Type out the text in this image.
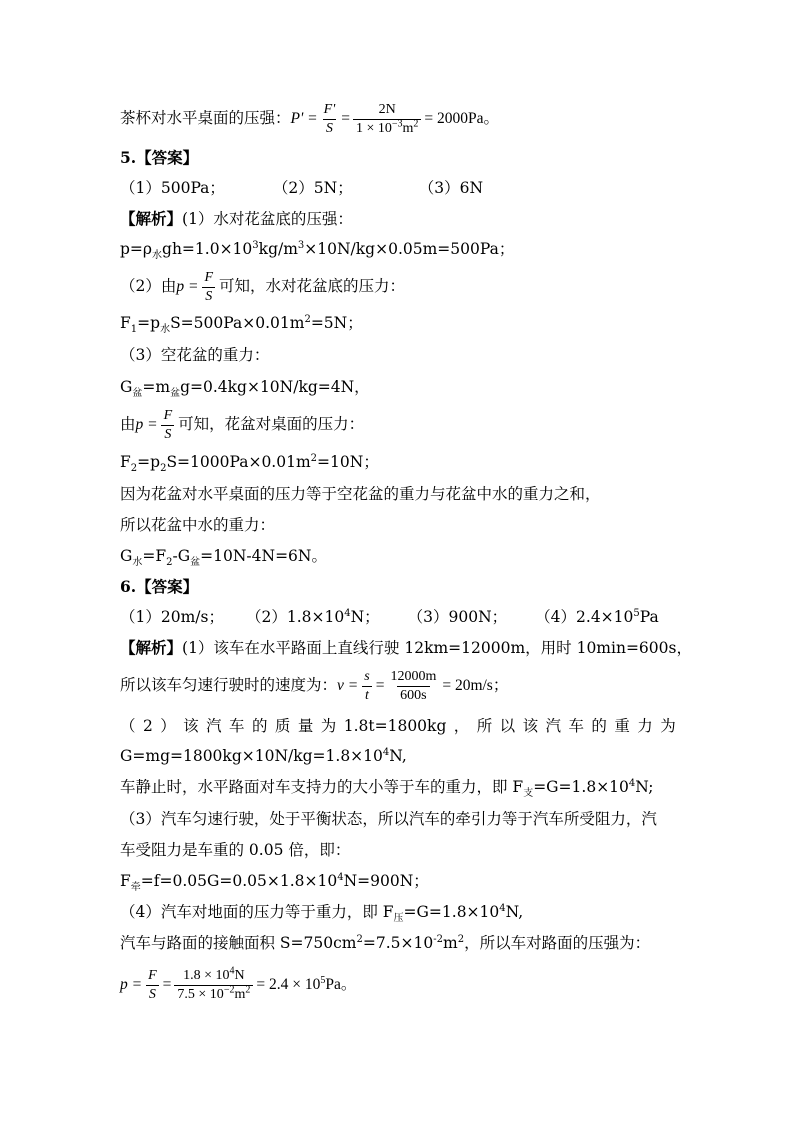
茶杯对水平桌面的压强：$P' = \frac{F'}{S} = \frac{2N}{1 \times 10^{-3}m^2} = 2000Pa$。
5.【答案】
（1）500Pa；	（2）5N；	（3）6N
【解析】(1）水对花盆底的压强：
$p=\rho_水gh=1.0\times 10^3kg/m^3\times 10N/kg\times 0.05m=500Pa$；
（2）由$p = \frac{F}{S}$ 可知，水对花盆底的压力：
$F_1=p_水S=500Pa\times 0.01m^2=5N$；
（3）空花盆的重力：
$G_盆=m_盆g=0.4kg\times 10N/kg=4N$，
由$p = \frac{F}{S}$ 可知，花盆对桌面的压力：
$F_2=p_2S=1000Pa\times 0.01m^2=10N$；
因为花盆对水平桌面的压力等于空花盆的重力与花盆中水的重力之和，
所以花盆中水的重力：
$G_水=F_2-G_盆=10N-4N=6N$。
6.【答案】
（1）20m/s； $(2)1.8\times 10^4N$； （3）900N； $(4)2.4\times 10^5Pa$
【解析】(1）该车在水平路面上直线行驶 12km=12000m，用时 10min=600s，
所以该车匀速行驶时的速度为：$v = \frac{s}{t} = \frac{12000m}{600s} = 20m/s$；
（ 2 ） 该 汽 车 的 质 量 为 1.8t=1800kg ， 所 以 该 汽 车 的 重 力 为
$G=mg=1800kg\times 10N/kg=1.8\times 10^4N$,
车静止时，水平路面对车支持力的大小等于车的重力，即 $F_支=G=1.8\times 10^4N$;
（3）汽车匀速行驶，处于平衡状态，所以汽车的牵引力等于汽车所受阻力，汽
车受阻力是车重的 0.05 倍，即：
$F_牵=f=0.05G=0.05\times 1.8\times 10^4N=900N$；
（4）汽车对地面的压力等于重力，即 $F_压=G=1.8\times 10^4N$,
汽车与路面的接触面积 $S=750cm^2=7.5\times 10^{-2}m^2$，所以车对路面的压强为：
$p = \frac{F}{S} = \frac{1.8 \times 10^4N}{7.5 \times 10^{-2}m^2} = 2.4 \times 10^5Pa$。
